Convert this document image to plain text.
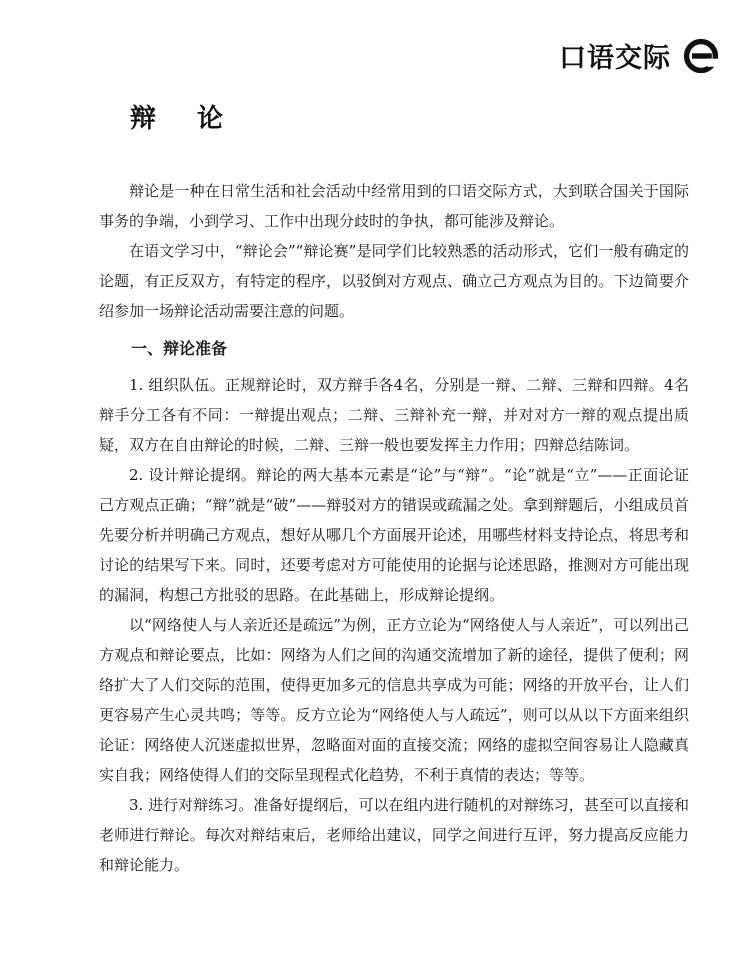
口语交际
辩 论

辩论是一种在日常生活和社会活动中经常用到的口语交际方式，大到联合国关于国际事务的争端，小到学习、工作中出现分歧时的争执，都可能涉及辩论。

在语文学习中，“辩论会”“辩论赛”是同学们比较熟悉的活动形式，它们一般有确定的论题，有正反双方，有特定的程序，以驳倒对方观点、确立己方观点为目的。下边简要介绍参加一场辩论活动需要注意的问题。

一、辩论准备

1. 组织队伍。正规辩论时，双方辩手各4名，分别是一辩、二辩、三辩和四辩。4名辩手分工各有不同：一辩提出观点；二辩、三辩补充一辩，并对对方一辩的观点提出质疑，双方在自由辩论的时候，二辩、三辩一般也要发挥主力作用；四辩总结陈词。

2. 设计辩论提纲。辩论的两大基本元素是“论”与“辩”。“论”就是“立”——正面论证己方观点正确；“辩”就是“破”——辩驳对方的错误或疏漏之处。拿到辩题后，小组成员首先要分析并明确己方观点，想好从哪几个方面展开论述，用哪些材料支持论点，将思考和讨论的结果写下来。同时，还要考虑对方可能使用的论据与论述思路，推测对方可能出现的漏洞，构想己方批驳的思路。在此基础上，形成辩论提纲。

以“网络使人与人亲近还是疏远”为例，正方立论为“网络使人与人亲近”，可以列出己方观点和辩论要点，比如：网络为人们之间的沟通交流增加了新的途径，提供了便利；网络扩大了人们交际的范围，使得更加多元的信息共享成为可能；网络的开放平台，让人们更容易产生心灵共鸣；等等。反方立论为“网络使人与人疏远”，则可以从以下方面来组织论证：网络使人沉迷虚拟世界，忽略面对面的直接交流；网络的虚拟空间容易让人隐藏真实自我；网络使得人们的交际呈现程式化趋势，不利于真情的表达；等等。

3. 进行对辩练习。准备好提纲后，可以在组内进行随机的对辩练习，甚至可以直接和老师进行辩论。每次对辩结束后，老师给出建议，同学之间进行互评，努力提高反应能力和辩论能力。
